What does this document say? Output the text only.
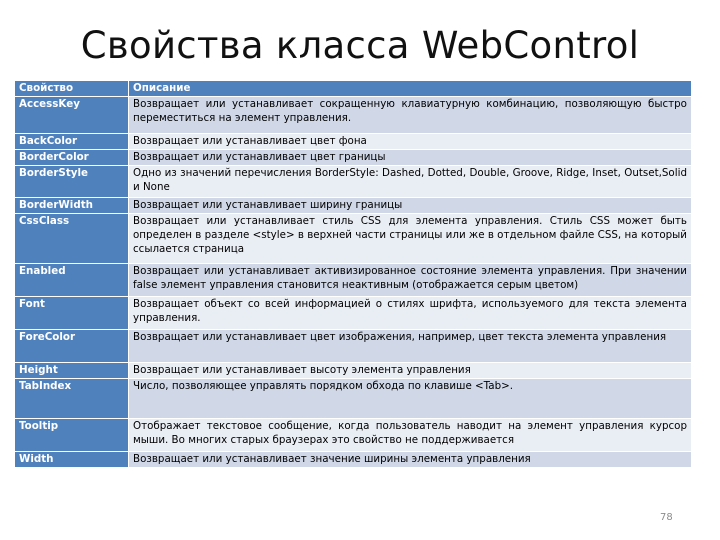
Свойства класса WebControl
Свойство	Описание
AccessKey	Возвращает или устанавливает сокращенную клавиатурную комбинацию, позволяющую быстро переместиться на элемент управления.
BackColor	Возвращает или устанавливает цвет фона
BorderColor	Возвращает или устанавливает цвет границы
BorderStyle	Одно из значений перечисления BorderStyle: Dashed, Dotted, Double, Groove, Ridge, Inset, Outset,Solid и None
BorderWidth	Возвращает или устанавливает ширину границы
CssClass	Возвращает или устанавливает стиль CSS для элемента управления. Стиль CSS может быть определен в разделе <style> в верхней части страницы или же в отдельном файле CSS, на который ссылается страница
Enabled	Возвращает или устанавливает активизированное состояние элемента управления. При значении false элемент управления становится неактивным (отображается серым цветом)
Font	Возвращает объект со всей информацией о стилях шрифта, используемого для текста элемента управления.
ForeColor	Возвращает или устанавливает цвет изображения, например, цвет текста элемента управления
Height	Возвращает или устанавливает высоту элемента управления
TabIndex	Число, позволяющее управлять порядком обхода по клавише <Tab>.
Tooltip	Отображает текстовое сообщение, когда пользователь наводит на элемент управления курсор мыши. Во многих старых браузерах это свойство не поддерживается
Width	Возвращает или устанавливает значение ширины элемента управления
78
